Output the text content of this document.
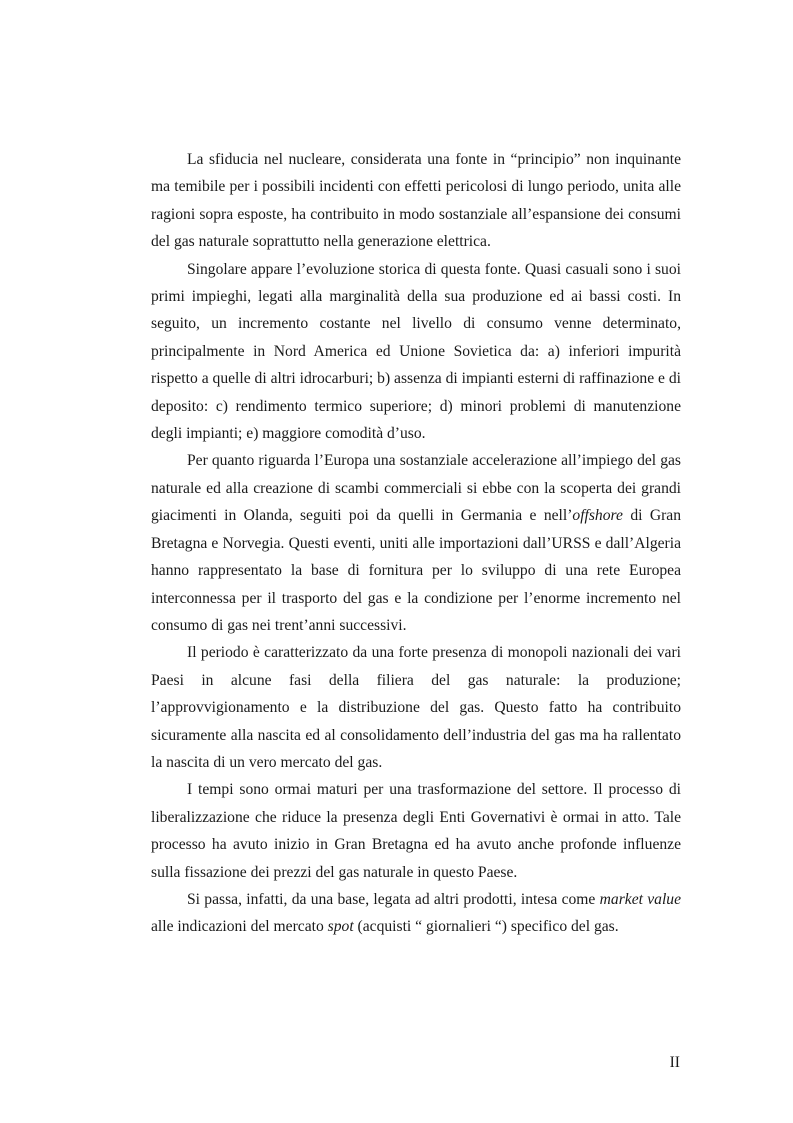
La sfiducia nel nucleare, considerata una fonte in “principio” non inquinante ma temibile per i possibili incidenti con effetti pericolosi di lungo periodo, unita alle ragioni sopra esposte, ha contribuito in modo sostanziale all’espansione dei consumi del gas naturale soprattutto nella generazione elettrica.

Singolare appare l’evoluzione storica di questa fonte. Quasi casuali sono i suoi primi impieghi, legati alla marginalità della sua produzione ed ai bassi costi. In seguito, un incremento costante nel livello di consumo venne determinato, principalmente in Nord America ed Unione Sovietica da: a) inferiori impurità rispetto a quelle di altri idrocarburi; b) assenza di impianti esterni di raffinazione e di deposito: c) rendimento termico superiore; d) minori problemi di manutenzione degli impianti; e) maggiore comodità d’uso.

Per quanto riguarda l’Europa una sostanziale accelerazione all’impiego del gas naturale ed alla creazione di scambi commerciali si ebbe con la scoperta dei grandi giacimenti in Olanda, seguiti poi da quelli in Germania e nell’offshore di Gran Bretagna e Norvegia. Questi eventi, uniti alle importazioni dall’URSS e dall’Algeria hanno rappresentato la base di fornitura per lo sviluppo di una rete Europea interconnessa per il trasporto del gas e la condizione per l’enorme incremento nel consumo di gas nei trent’anni successivi.

Il periodo è caratterizzato da una forte presenza di monopoli nazionali dei vari Paesi in alcune fasi della filiera del gas naturale: la produzione; l’approvvigionamento e la distribuzione del gas. Questo fatto ha contribuito sicuramente alla nascita ed al consolidamento dell’industria del gas ma ha rallentato la nascita di un vero mercato del gas.

I tempi sono ormai maturi per una trasformazione del settore. Il processo di liberalizzazione che riduce la presenza degli Enti Governativi è ormai in atto. Tale processo ha avuto inizio in Gran Bretagna ed ha avuto anche profonde influenze sulla fissazione dei prezzi del gas naturale in questo Paese.

Si passa, infatti, da una base, legata ad altri prodotti, intesa come market value alle indicazioni del mercato spot (acquisti “ giornalieri “) specifico del gas.

II
